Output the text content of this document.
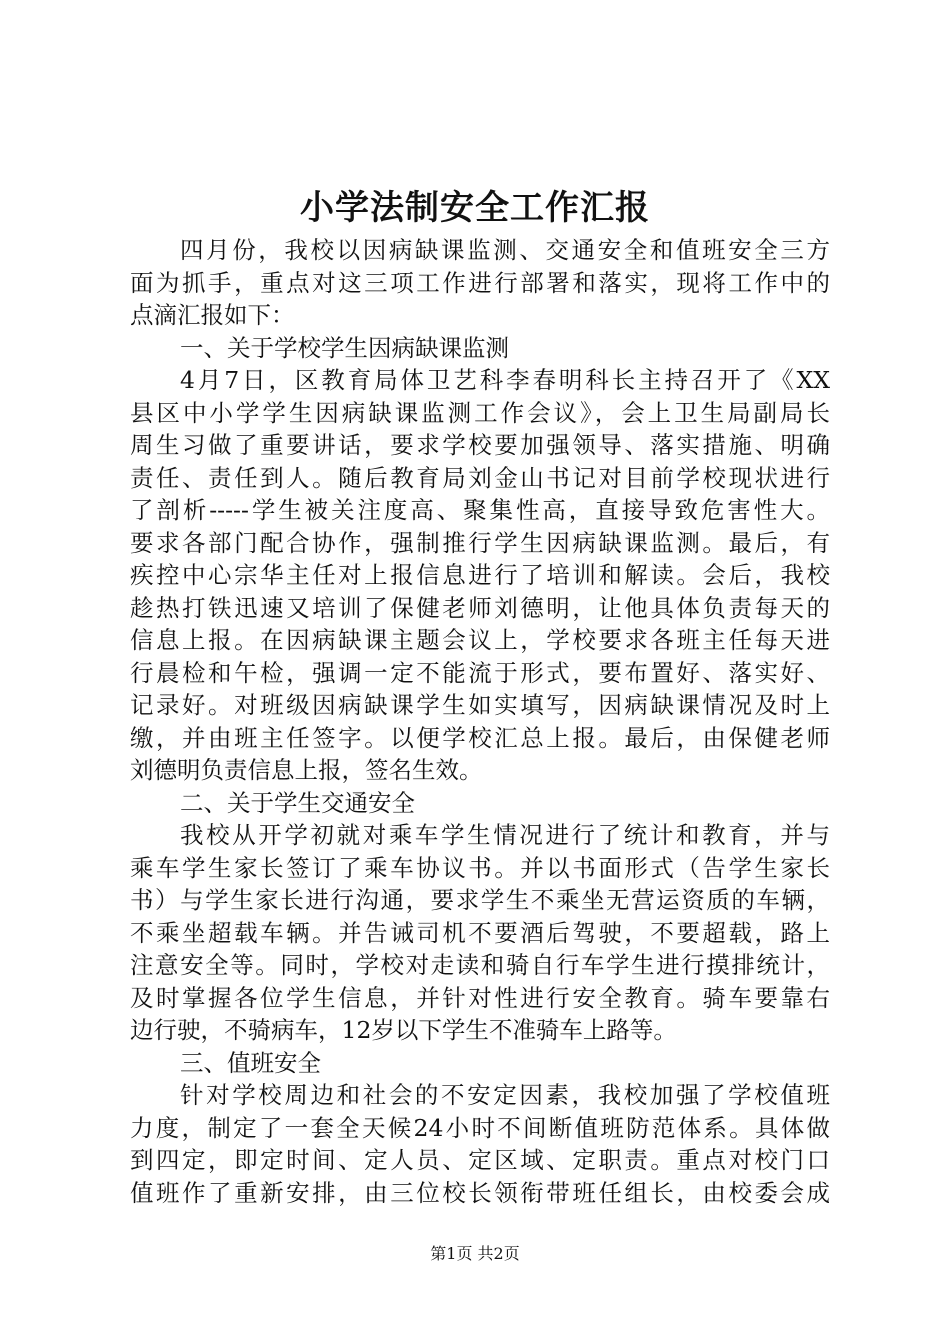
小学法制安全工作汇报
四月份，我校以因病缺课监测、交通安全和值班安全三方
面为抓手，重点对这三项工作进行部署和落实，现将工作中的
点滴汇报如下：
一、关于学校学生因病缺课监测
4月7日，区教育局体卫艺科李春明科长主持召开了《XX
县区中小学学生因病缺课监测工作会议》，会上卫生局副局长
周生习做了重要讲话，要求学校要加强领导、落实措施、明确
责任、责任到人。随后教育局刘金山书记对目前学校现状进行
了剖析-----学生被关注度高、聚集性高，直接导致危害性大。
要求各部门配合协作，强制推行学生因病缺课监测。最后，有
疾控中心宗华主任对上报信息进行了培训和解读。会后，我校
趁热打铁迅速又培训了保健老师刘德明，让他具体负责每天的
信息上报。在因病缺课主题会议上，学校要求各班主任每天进
行晨检和午检，强调一定不能流于形式，要布置好、落实好、
记录好。对班级因病缺课学生如实填写，因病缺课情况及时上
缴，并由班主任签字。以便学校汇总上报。最后，由保健老师
刘德明负责信息上报，签名生效。
二、关于学生交通安全
我校从开学初就对乘车学生情况进行了统计和教育，并与
乘车学生家长签订了乘车协议书。并以书面形式（告学生家长
书）与学生家长进行沟通，要求学生不乘坐无营运资质的车辆，
不乘坐超载车辆。并告诫司机不要酒后驾驶，不要超载，路上
注意安全等。同时，学校对走读和骑自行车学生进行摸排统计，
及时掌握各位学生信息，并针对性进行安全教育。骑车要靠右
边行驶，不骑病车，12岁以下学生不准骑车上路等。
三、值班安全
针对学校周边和社会的不安定因素，我校加强了学校值班
力度，制定了一套全天候24小时不间断值班防范体系。具体做
到四定，即定时间、定人员、定区域、定职责。重点对校门口
值班作了重新安排，由三位校长领衔带班任组长，由校委会成
第1页 共2页
